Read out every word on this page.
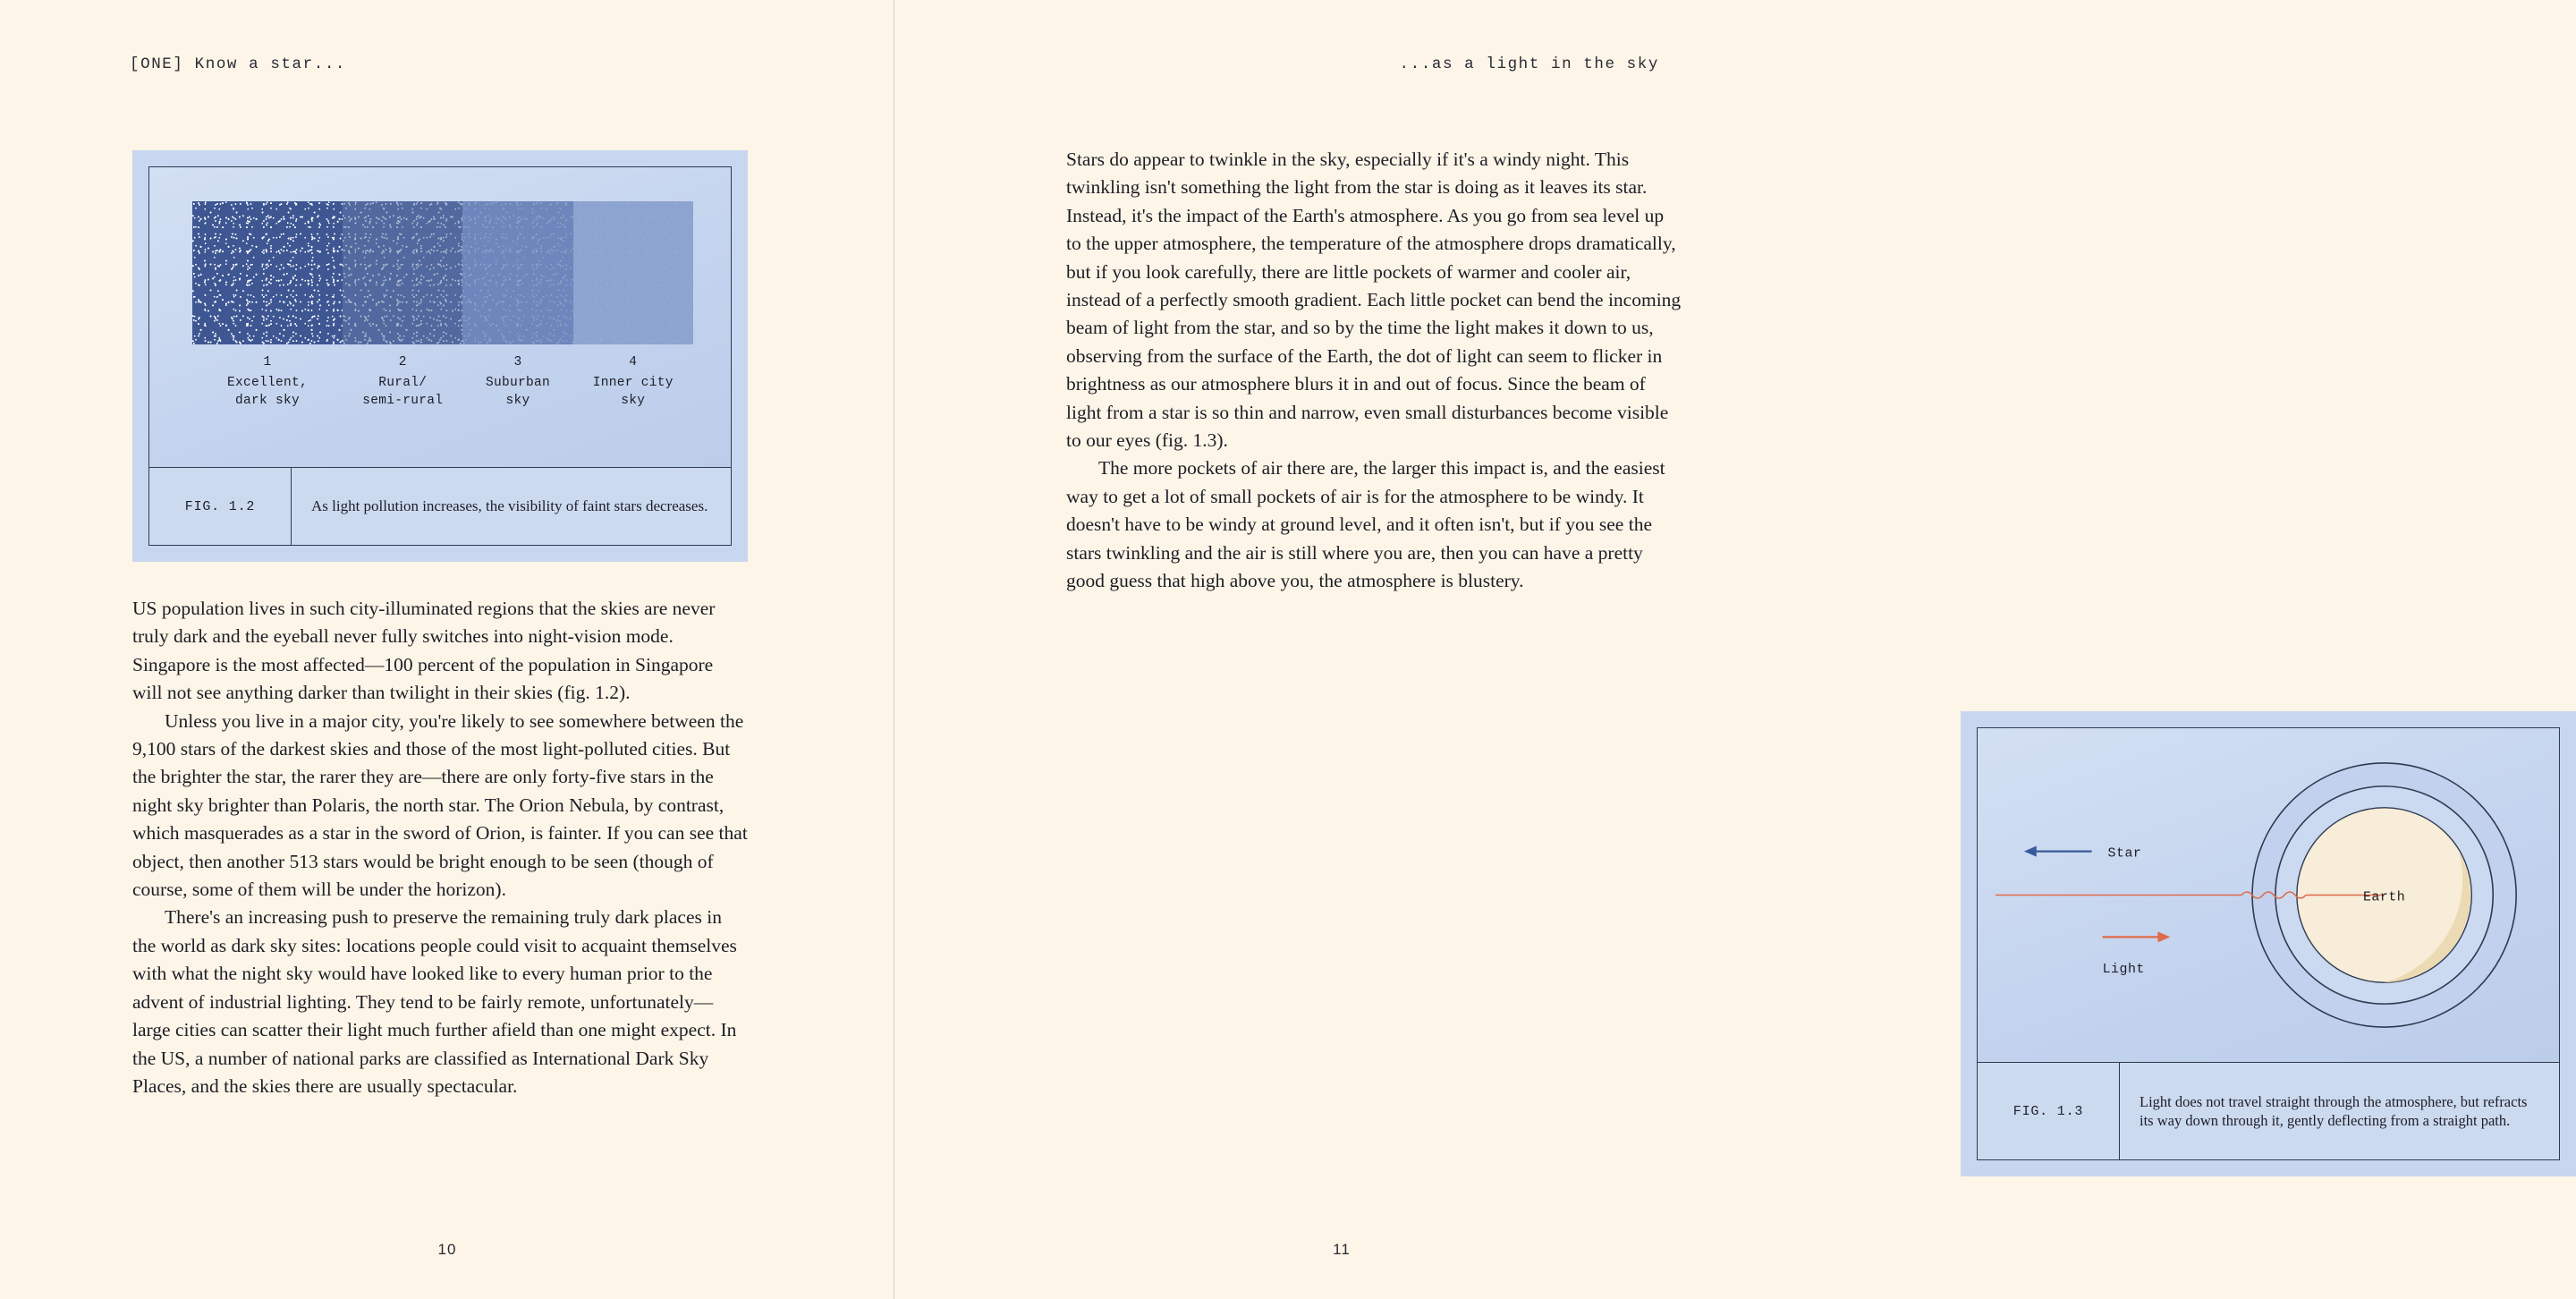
[ONE] Know a star...
1
Excellent,
dark sky
2
Rural/
semi-rural
3
Suburban
sky
4
Inner city
sky
FIG. 1.2	As light pollution increases, the visibility of faint stars decreases.

US population lives in such city-illuminated regions that the skies are never truly dark and the eyeball never fully switches into night-vision mode. Singapore is the most affected—100 percent of the population in Singapore will not see anything darker than twilight in their skies (fig. 1.2).

Unless you live in a major city, you're likely to see somewhere between the 9,100 stars of the darkest skies and those of the most light-polluted cities. But the brighter the star, the rarer they are—there are only forty-five stars in the night sky brighter than Polaris, the north star. The Orion Nebula, by contrast, which masquerades as a star in the sword of Orion, is fainter. If you can see that object, then another 513 stars would be bright enough to be seen (though of course, some of them will be under the horizon).

There's an increasing push to preserve the remaining truly dark places in the world as dark sky sites: locations people could visit to acquaint themselves with what the night sky would have looked like to every human prior to the advent of industrial lighting. They tend to be fairly remote, unfortunately—large cities can scatter their light much further afield than one might expect. In the US, a number of national parks are classified as International Dark Sky Places, and the skies there are usually spectacular.

10
...as a light in the sky

Stars do appear to twinkle in the sky, especially if it's a windy night. This twinkling isn't something the light from the star is doing as it leaves its star. Instead, it's the impact of the Earth's atmosphere. As you go from sea level up to the upper atmosphere, the temperature of the atmosphere drops dramatically, but if you look carefully, there are little pockets of warmer and cooler air, instead of a perfectly smooth gradient. Each little pocket can bend the incoming beam of light from the star, and so by the time the light makes it down to us, observing from the surface of the Earth, the dot of light can seem to flicker in brightness as our atmosphere blurs it in and out of focus. Since the beam of light from a star is so thin and narrow, even small disturbances become visible to our eyes (fig. 1.3).

The more pockets of air there are, the larger this impact is, and the easiest way to get a lot of small pockets of air is for the atmosphere to be windy. It doesn't have to be windy at ground level, and it often isn't, but if you see the stars twinkling and the air is still where you are, then you can have a pretty good guess that high above you, the atmosphere is blustery.

Star
Light
Earth
FIG. 1.3
Light does not travel straight through the atmosphere, but refracts its way down through it, gently deflecting from a straight path.
11
